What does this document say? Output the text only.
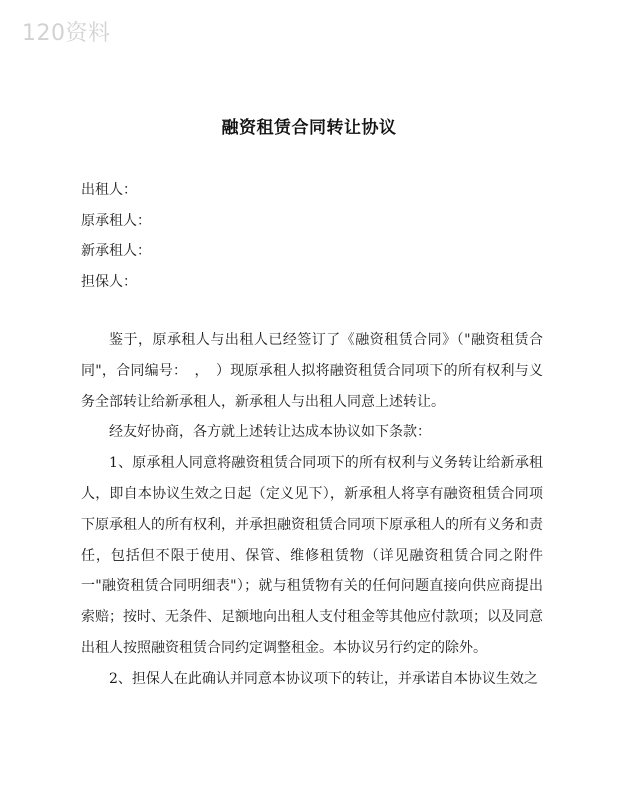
120资料
融资租赁合同转让协议
出租人：
原承租人：
新承租人：
担保人：

鉴于，原承租人与出租人已经签订了《融资租赁合同》（"融资租赁合同"，合同编号：　，　）现原承租人拟将融资租赁合同项下的所有权利与义务全部转让给新承租人，新承租人与出租人同意上述转让。

经友好协商，各方就上述转让达成本协议如下条款：

1、原承租人同意将融资租赁合同项下的所有权利与义务转让给新承租人，即自本协议生效之日起（定义见下），新承租人将享有融资租赁合同项下原承租人的所有权利，并承担融资租赁合同项下原承租人的所有义务和责任，包括但不限于使用、保管、维修租赁物（详见融资租赁合同之附件一"融资租赁合同明细表"）；就与租赁物有关的任何问题直接向供应商提出索赔；按时、无条件、足额地向出租人支付租金等其他应付款项；以及同意出租人按照融资租赁合同约定调整租金。本协议另行约定的除外。

2、担保人在此确认并同意本协议项下的转让，并承诺自本协议生效之
